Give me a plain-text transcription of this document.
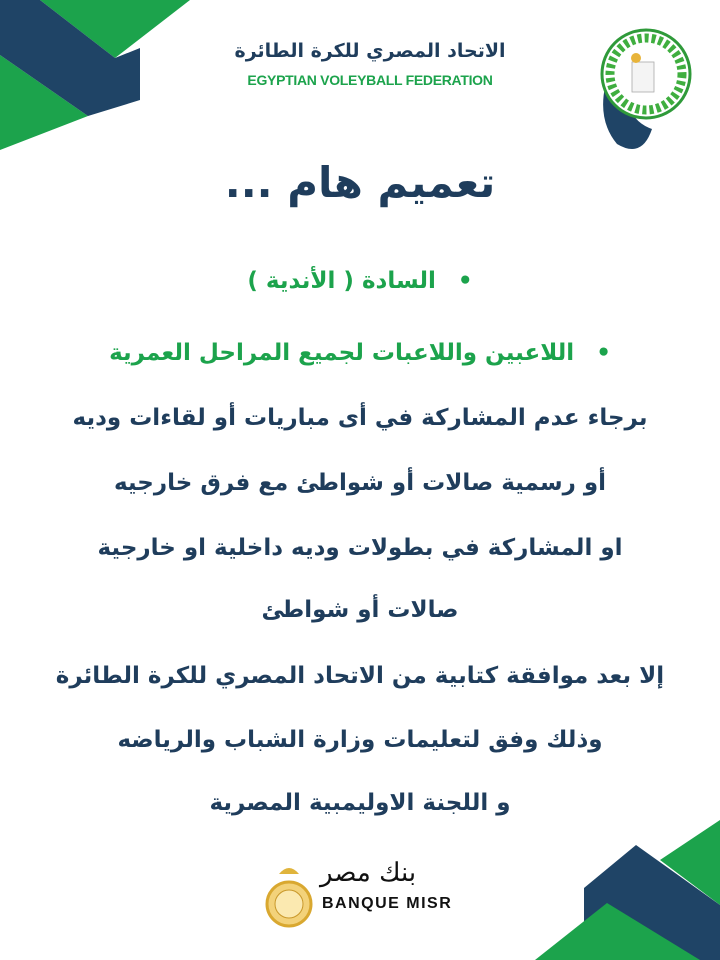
الاتحاد المصري للكرة الطائرة
EGYPTIAN VOLEYBALL FEDERATION
تعميم هام ...
•السادة ( الأندية )
•اللاعبين واللاعبات لجميع المراحل العمرية
برجاء عدم المشاركة في أى مباريات أو لقاءات وديه
أو رسمية صالات أو شواطئ مع فرق خارجيه
او المشاركة في بطولات وديه داخلية او خارجية
صالات أو شواطئ
إلا بعد موافقة كتابية من الاتحاد المصري للكرة الطائرة
وذلك وفق لتعليمات وزارة الشباب والرياضه
و اللجنة الاوليمبية المصرية
بنك مصر
BANQUE MISR
